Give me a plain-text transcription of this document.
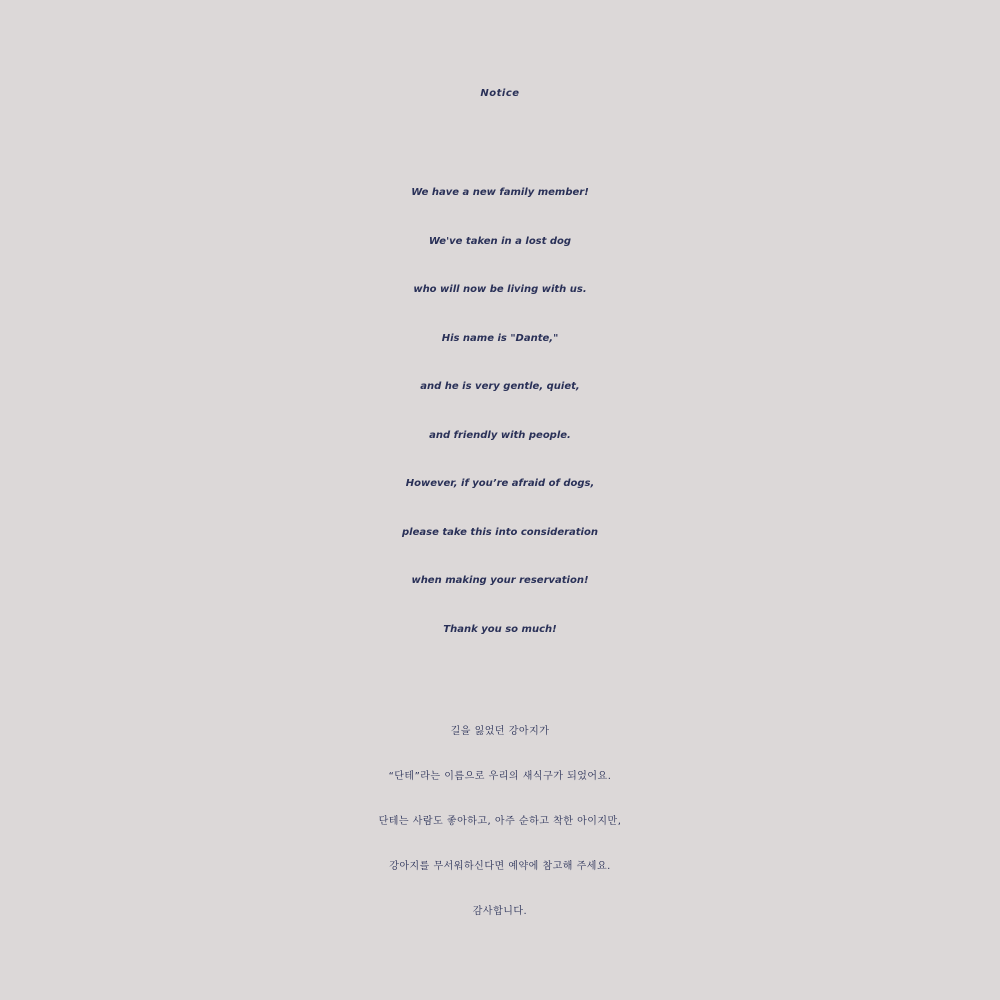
Notice
We have a new family member!
We've taken in a lost dog
who will now be living with us.
His name is "Dante,"
and he is very gentle, quiet,
and friendly with people.
However, if you’re afraid of dogs,
please take this into consideration
when making your reservation!
Thank you so much!
길을 잃었던 강아지가
“단테”라는 이름으로 우리의 새식구가 되었어요.
단테는 사람도 좋아하고, 아주 순하고 착한 아이지만,
강아지를 무서워하신다면 예약에 참고해 주세요.
감사합니다.
